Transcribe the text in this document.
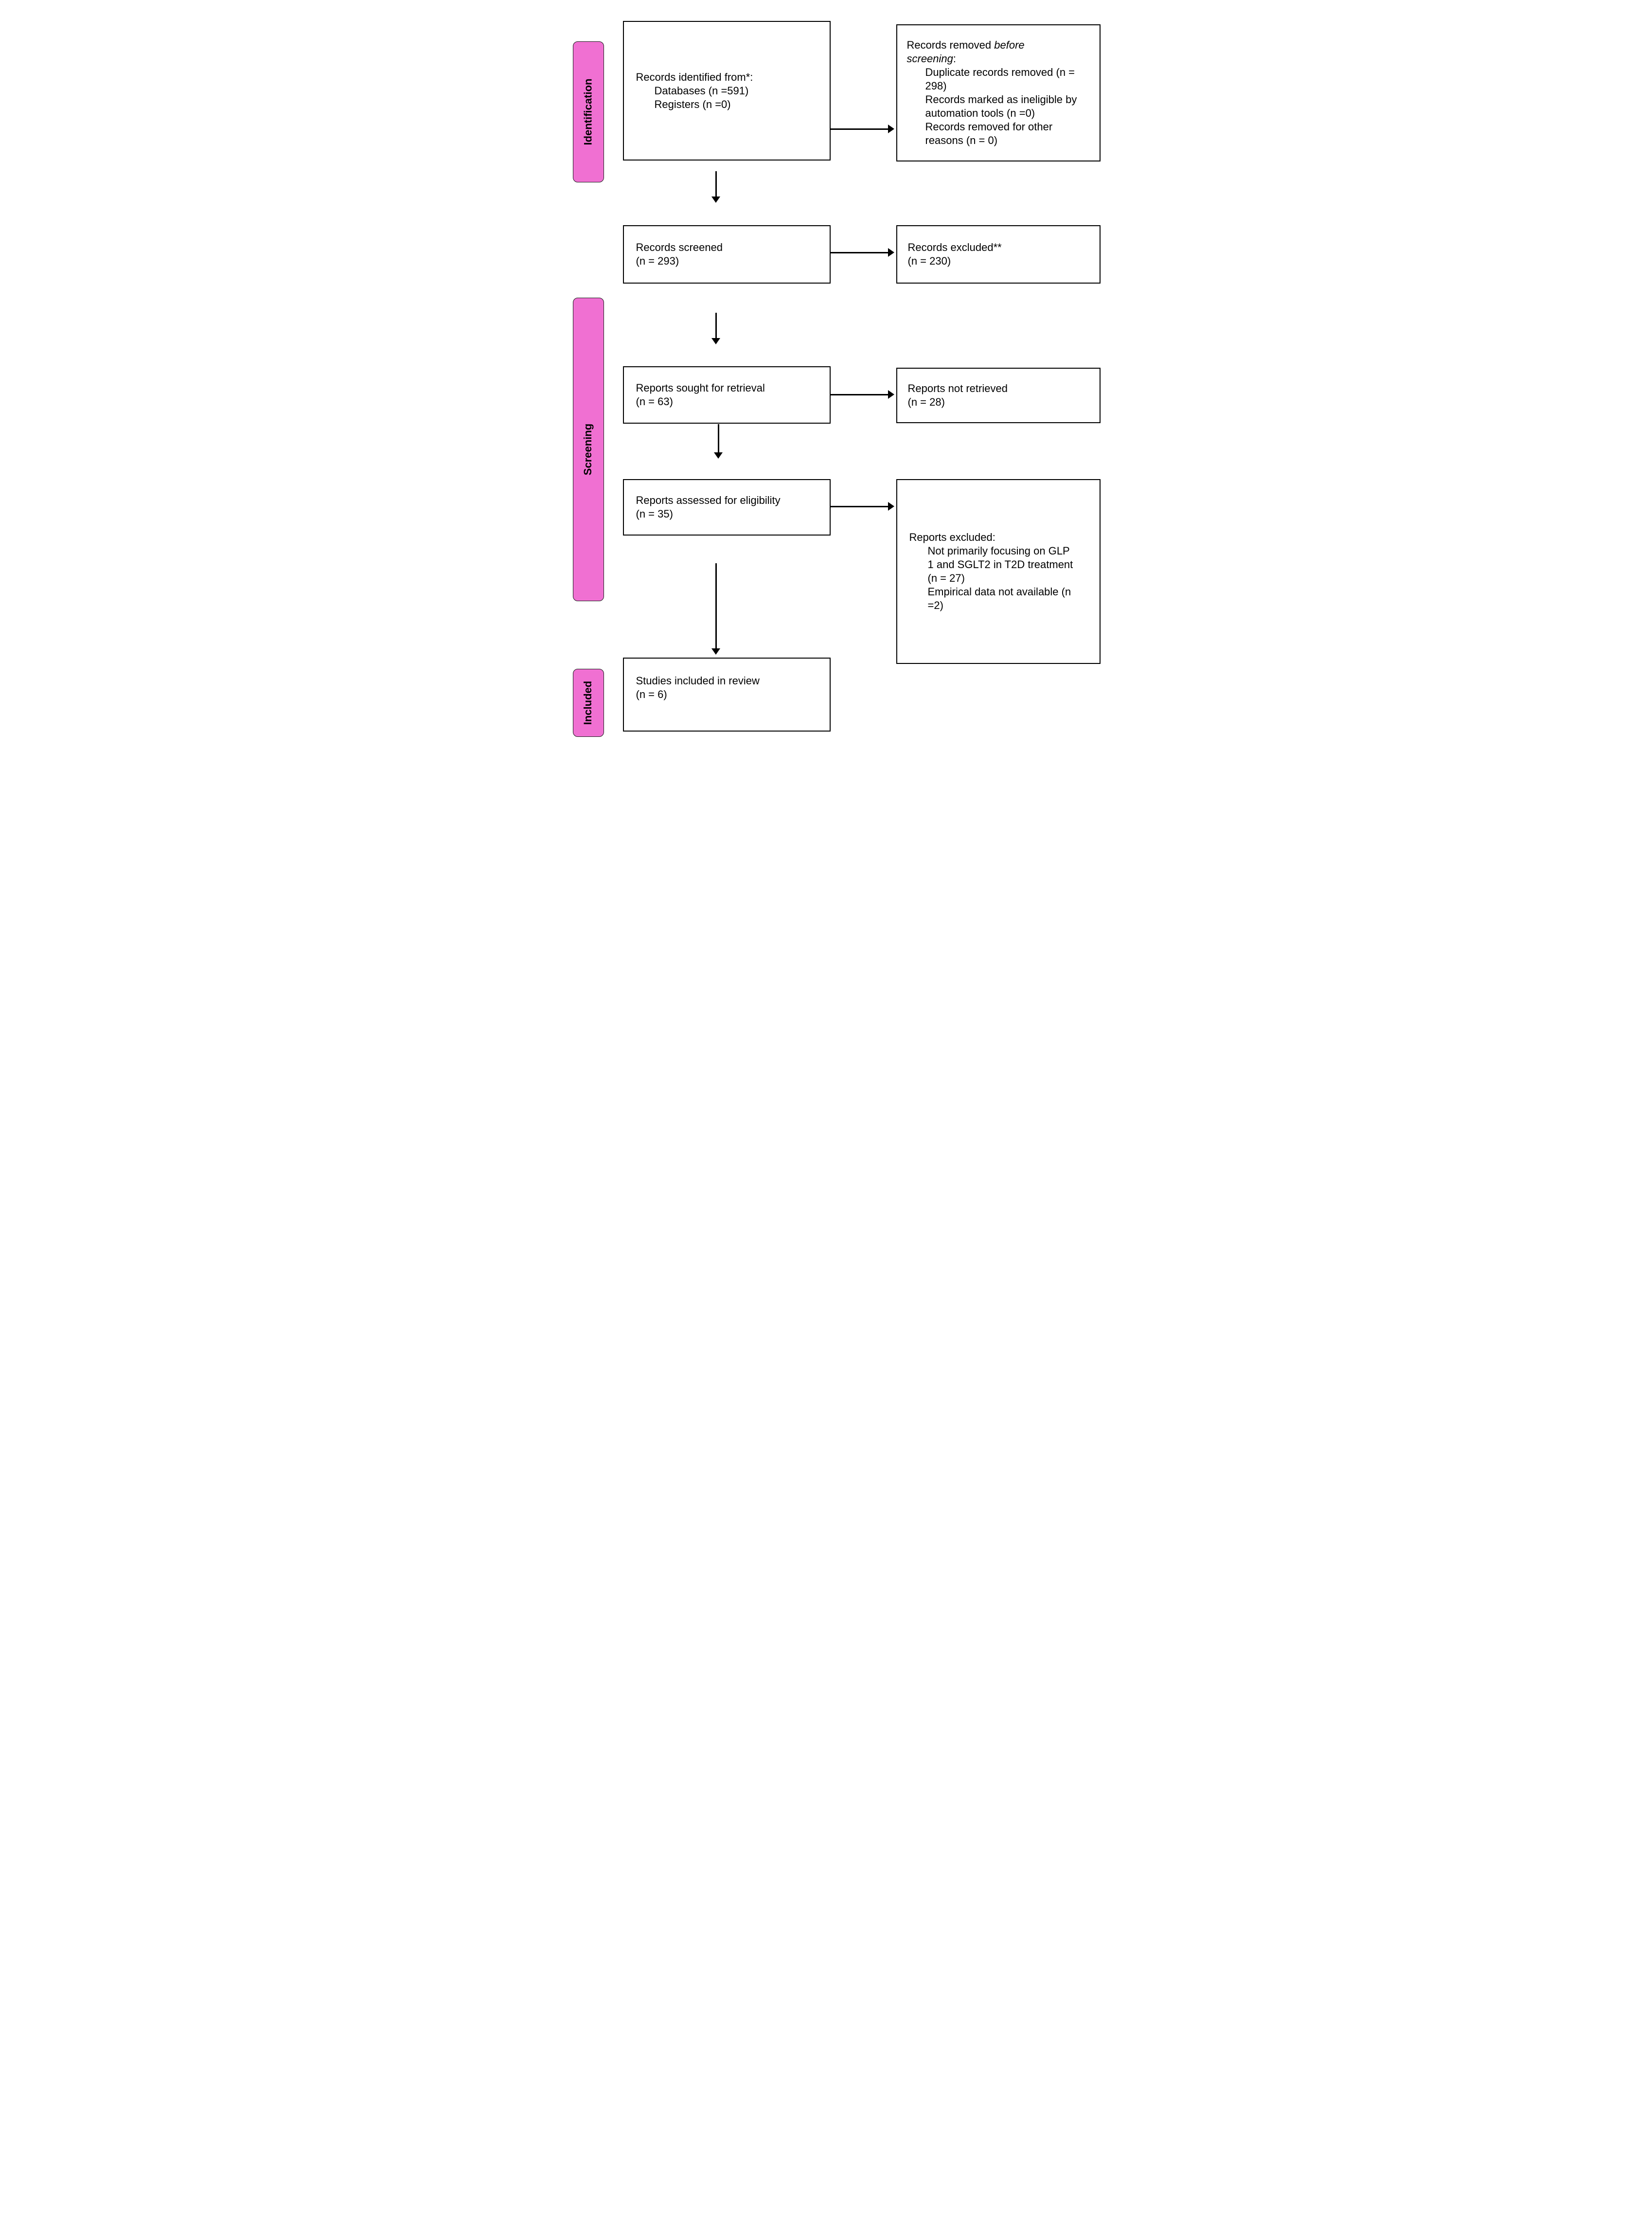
Identification
Screening
Included
Records identified from*:
Databases (n =591)
Registers (n =0)
Records removed before screening:
Duplicate records removed (n = 298)
Records marked as ineligible by automation tools (n =0)
Records removed for other reasons (n = 0)
Records screened
(n = 293)
Records excluded**
(n = 230)
Reports sought for retrieval
(n = 63)
Reports not retrieved
(n = 28)
Reports assessed for eligibility
(n = 35)
Reports excluded:
Not primarily focusing on GLP 1 and SGLT2 in T2D treatment (n = 27)
Empirical data not available (n =2)
Studies included in review
(n = 6)
